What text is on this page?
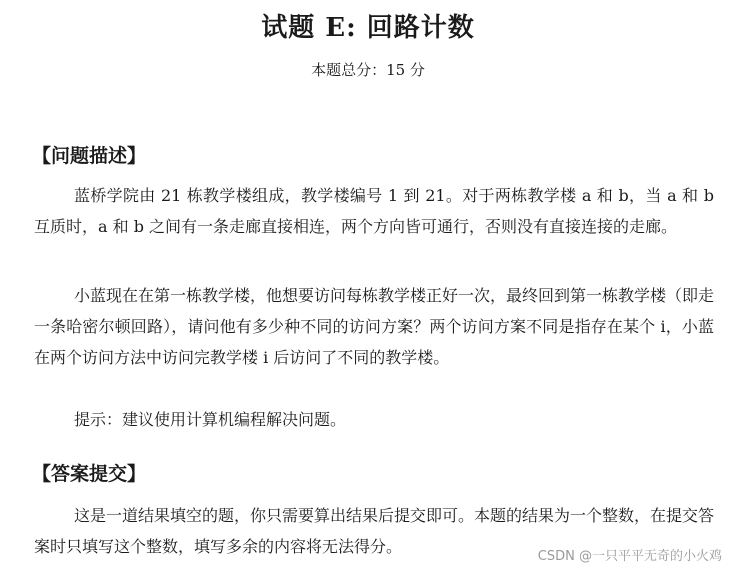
试题 E: 回路计数
本题总分：15 分
【问题描述】
蓝桥学院由 21 栋教学楼组成，教学楼编号 1 到 21。对于两栋教学楼 a 和 b，当 a 和 b 互质时，a 和 b 之间有一条走廊直接相连，两个方向皆可通行，否则没有直接连接的走廊。
小蓝现在在第一栋教学楼，他想要访问每栋教学楼正好一次，最终回到第一栋教学楼（即走一条哈密尔顿回路），请问他有多少种不同的访问方案？两个访问方案不同是指存在某个 i，小蓝在两个访问方法中访问完教学楼 i 后访问了不同的教学楼。
提示：建议使用计算机编程解决问题。
【答案提交】
这是一道结果填空的题，你只需要算出结果后提交即可。本题的结果为一个整数，在提交答案时只填写这个整数，填写多余的内容将无法得分。
CSDN @一只平平无奇的小火鸡
